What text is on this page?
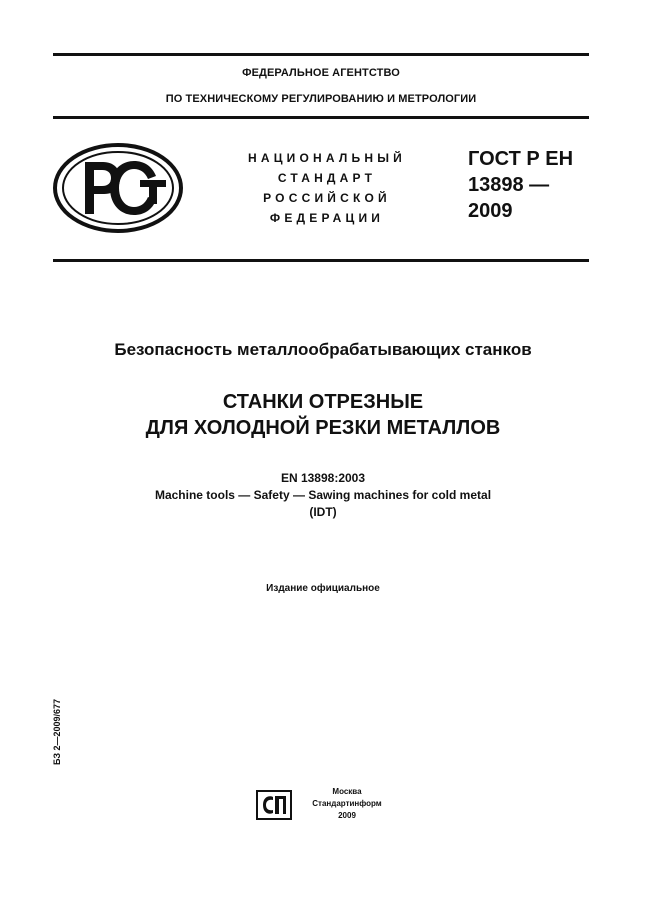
ФЕДЕРАЛЬНОЕ АГЕНТСТВО
ПО ТЕХНИЧЕСКОМУ РЕГУЛИРОВАНИЮ И МЕТРОЛОГИИ
НАЦИОНАЛЬНЫЙ
СТАНДАРТ
РОССИЙСКОЙ
ФЕДЕРАЦИИ
ГОСТ Р ЕН
13898 —
2009
Безопасность металлообрабатывающих станков
СТАНКИ ОТРЕЗНЫЕ
ДЛЯ ХОЛОДНОЙ РЕЗКИ МЕТАЛЛОВ
EN 13898:2003
Machine tools — Safety — Sawing machines for cold metal
(IDT)
Издание официальное
БЗ 2—2009/677
Москва
Стандартинформ
2009
